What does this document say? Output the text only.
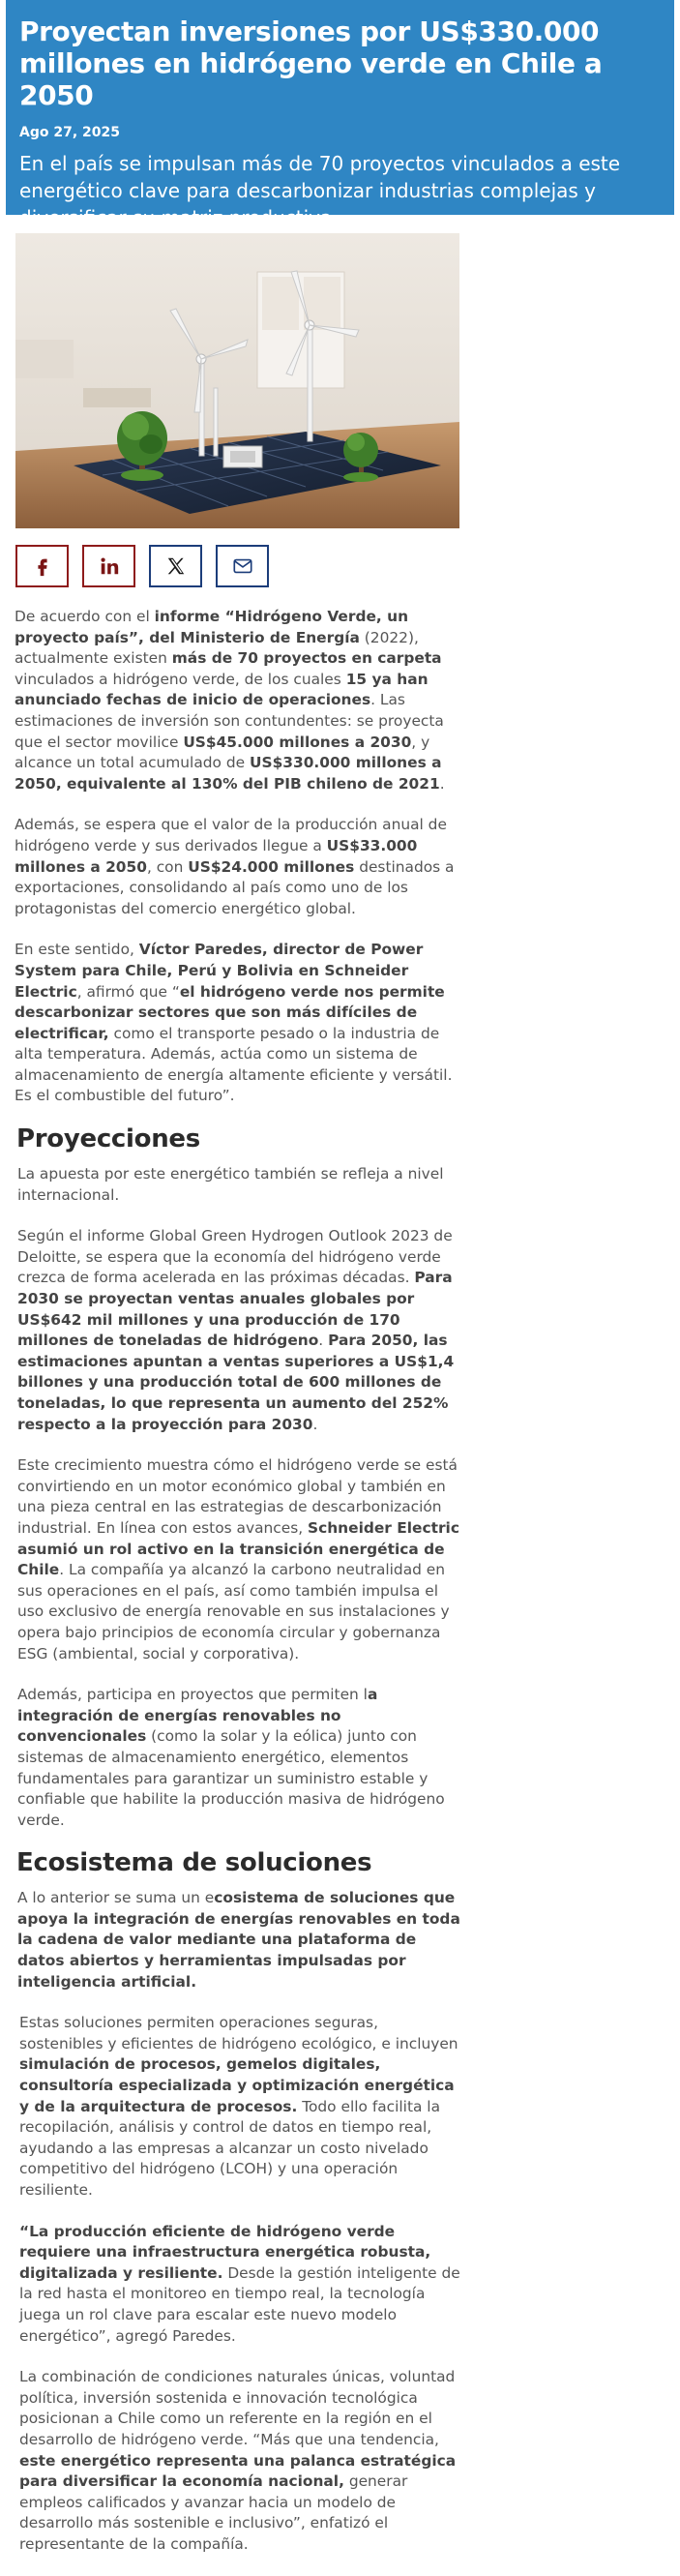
Proyectan inversiones por US$330.000 millones en hidrógeno verde en Chile a 2050
Ago 27, 2025

En el país se impulsan más de 70 proyectos vinculados a este energético clave para descarbonizar industrias complejas y diversificar su matriz productiva.

De acuerdo con el informe “Hidrógeno Verde, un proyecto país”, del Ministerio de Energía (2022), actualmente existen más de 70 proyectos en carpeta vinculados a hidrógeno verde, de los cuales 15 ya han anunciado fechas de inicio de operaciones. Las estimaciones de inversión son contundentes: se proyecta que el sector movilice US$45.000 millones a 2030, y alcance un total acumulado de US$330.000 millones a 2050, equivalente al 130% del PIB chileno de 2021.

Además, se espera que el valor de la producción anual de hidrógeno verde y sus derivados llegue a US$33.000 millones a 2050, con US$24.000 millones destinados a exportaciones, consolidando al país como uno de los protagonistas del comercio energético global.

En este sentido, Víctor Paredes, director de Power System para Chile, Perú y Bolivia en Schneider Electric, afirmó que “el hidrógeno verde nos permite descarbonizar sectores que son más difíciles de electrificar, como el transporte pesado o la industria de alta temperatura. Además, actúa como un sistema de almacenamiento de energía altamente eficiente y versátil. Es el combustible del futuro”.

Proyecciones

La apuesta por este energético también se refleja a nivel internacional.

Según el informe Global Green Hydrogen Outlook 2023 de Deloitte, se espera que la economía del hidrógeno verde crezca de forma acelerada en las próximas décadas. Para 2030 se proyectan ventas anuales globales por US$642 mil millones y una producción de 170 millones de toneladas de hidrógeno. Para 2050, las estimaciones apuntan a ventas superiores a US$1,4 billones y una producción total de 600 millones de toneladas, lo que representa un aumento del 252% respecto a la proyección para 2030.

Este crecimiento muestra cómo el hidrógeno verde se está convirtiendo en un motor económico global y también en una pieza central en las estrategias de descarbonización industrial. En línea con estos avances, Schneider Electric asumió un rol activo en la transición energética de Chile. La compañía ya alcanzó la carbono neutralidad en sus operaciones en el país, así como también impulsa el uso exclusivo de energía renovable en sus instalaciones y opera bajo principios de economía circular y gobernanza ESG (ambiental, social y corporativa).

Además, participa en proyectos que permiten la integración de energías renovables no convencionales (como la solar y la eólica) junto con sistemas de almacenamiento energético, elementos fundamentales para garantizar un suministro estable y confiable que habilite la producción masiva de hidrógeno verde.

Ecosistema de soluciones

A lo anterior se suma un ecosistema de soluciones que apoya la integración de energías renovables en toda la cadena de valor mediante una plataforma de datos abiertos y herramientas impulsadas por inteligencia artificial.

Estas soluciones permiten operaciones seguras, sostenibles y eficientes de hidrógeno ecológico, e incluyen simulación de procesos, gemelos digitales, consultoría especializada y optimización energética y de la arquitectura de procesos. Todo ello facilita la recopilación, análisis y control de datos en tiempo real, ayudando a las empresas a alcanzar un costo nivelado competitivo del hidrógeno (LCOH) y una operación resiliente.

“La producción eficiente de hidrógeno verde requiere una infraestructura energética robusta, digitalizada y resiliente. Desde la gestión inteligente de la red hasta el monitoreo en tiempo real, la tecnología juega un rol clave para escalar este nuevo modelo energético”, agregó Paredes.

La combinación de condiciones naturales únicas, voluntad política, inversión sostenida e innovación tecnológica posicionan a Chile como un referente en la región en el desarrollo de hidrógeno verde. “Más que una tendencia, este energético representa una palanca estratégica para diversificar la economía nacional, generar empleos calificados y avanzar hacia un modelo de desarrollo más sostenible e inclusivo”, enfatizó el representante de la compañía.
